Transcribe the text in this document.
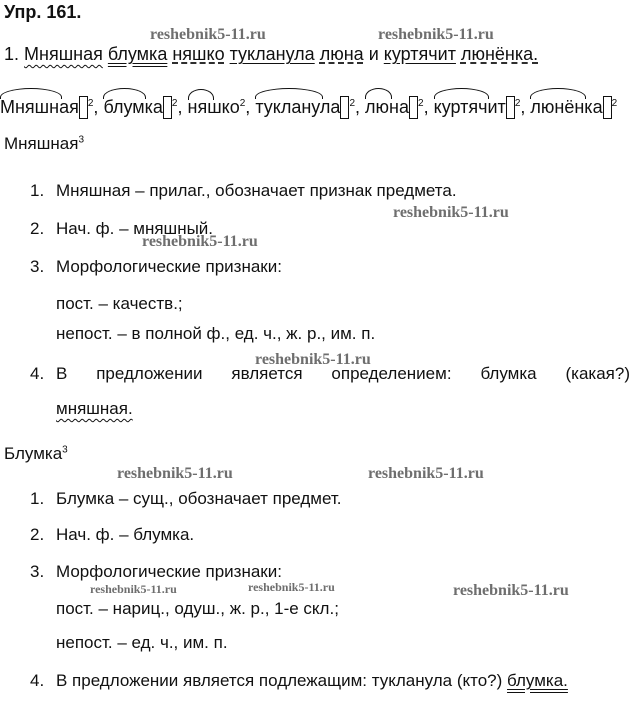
Упр. 161.
reshebnik5-11.ru	reshebnik5-11.ru
reshebnik5-11.ru
reshebnik5-11.ru
reshebnik5-11.ru
reshebnik5-11.ru	reshebnik5-11.ru
reshebnik5-11.ru	reshebnik5-11.ru	reshebnik5-11.ru
1. Мняшная блумка няшко тукланула люна и куртячит люнёнка.
Мняшная $^2$, блумка $^2$, няшко$^2$, тукланула $^2$, люна $^2$, куртячит $^2$, люнёнка $^2$
Мняшная$^3$
1. Мняшная – прилаг., обозначает признак предмета.
2. Нач. ф. – мняшный.
3. Морфологические признаки:
пост. – качеств.;
непост. – в полной ф., ед. ч., ж. р., им. п.
4. В предложении является определением: блумка (какая?)
мняшная.
Блумка$^3$
1. Блумка – сущ., обозначает предмет.
2. Нач. ф. – блумка.
3. Морфологические признаки:
пост. – нариц., одуш., ж. р., 1-е скл.;
непост. – ед. ч., им. п.
4. В предложении является подлежащим: тукланула (кто?) блумка.
